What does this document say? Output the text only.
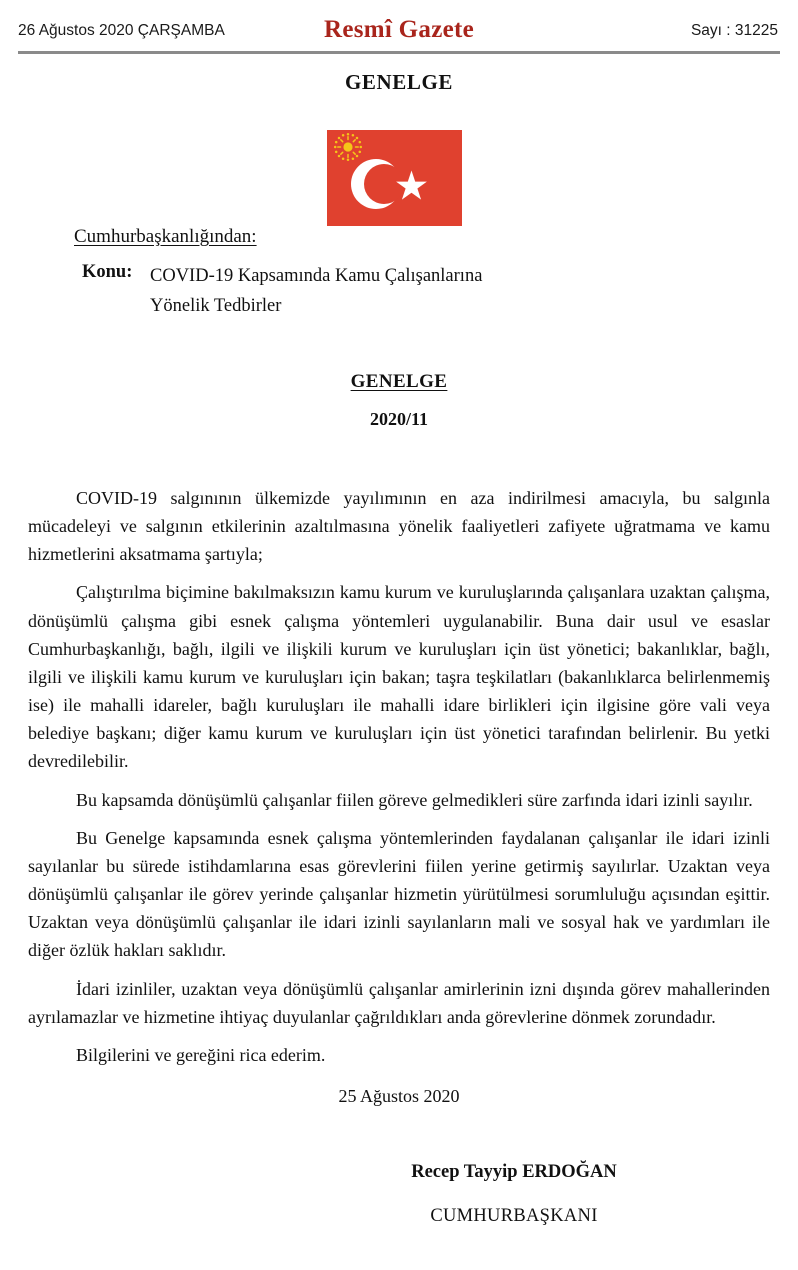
26 Ağustos 2020 ÇARŞAMBA	Resmî Gazete	Sayı : 31225
GENELGE
Cumhurbaşkanlığından:
Konu: COVID-19 Kapsamında Kamu Çalışanlarına
Yönelik Tedbirler
GENELGE
2020/11

COVID-19 salgınının ülkemizde yayılımının en aza indirilmesi amacıyla, bu salgınla mücadeleyi ve salgının etkilerinin azaltılmasına yönelik faaliyetleri zafiyete uğratmama ve kamu hizmetlerini aksatmama şartıyla;

Çalıştırılma biçimine bakılmaksızın kamu kurum ve kuruluşlarında çalışanlara uzaktan çalışma, dönüşümlü çalışma gibi esnek çalışma yöntemleri uygulanabilir. Buna dair usul ve esaslar Cumhurbaşkanlığı, bağlı, ilgili ve ilişkili kurum ve kuruluşları için üst yönetici; bakanlıklar, bağlı, ilgili ve ilişkili kamu kurum ve kuruluşları için bakan; taşra teşkilatları (bakanlıklarca belirlenmemiş ise) ile mahalli idareler, bağlı kuruluşları ile mahalli idare birlikleri için ilgisine göre vali veya belediye başkanı; diğer kamu kurum ve kuruluşları için üst yönetici tarafından belirlenir. Bu yetki devredilebilir.

Bu kapsamda dönüşümlü çalışanlar fiilen göreve gelmedikleri süre zarfında idari izinli sayılır.

Bu Genelge kapsamında esnek çalışma yöntemlerinden faydalanan çalışanlar ile idari izinli sayılanlar bu sürede istihdamlarına esas görevlerini fiilen yerine getirmiş sayılırlar. Uzaktan veya dönüşümlü çalışanlar ile görev yerinde çalışanlar hizmetin yürütülmesi sorumluluğu açısından eşittir. Uzaktan veya dönüşümlü çalışanlar ile idari izinli sayılanların mali ve sosyal hak ve yardımları ile diğer özlük hakları saklıdır.

İdari izinliler, uzaktan veya dönüşümlü çalışanlar amirlerinin izni dışında görev mahallerinden ayrılamazlar ve hizmetine ihtiyaç duyulanlar çağrıldıkları anda görevlerine dönmek zorundadır.

Bilgilerini ve gereğini rica ederim.

25 Ağustos 2020
Recep Tayyip ERDOĞAN
CUMHURBAŞKANI
